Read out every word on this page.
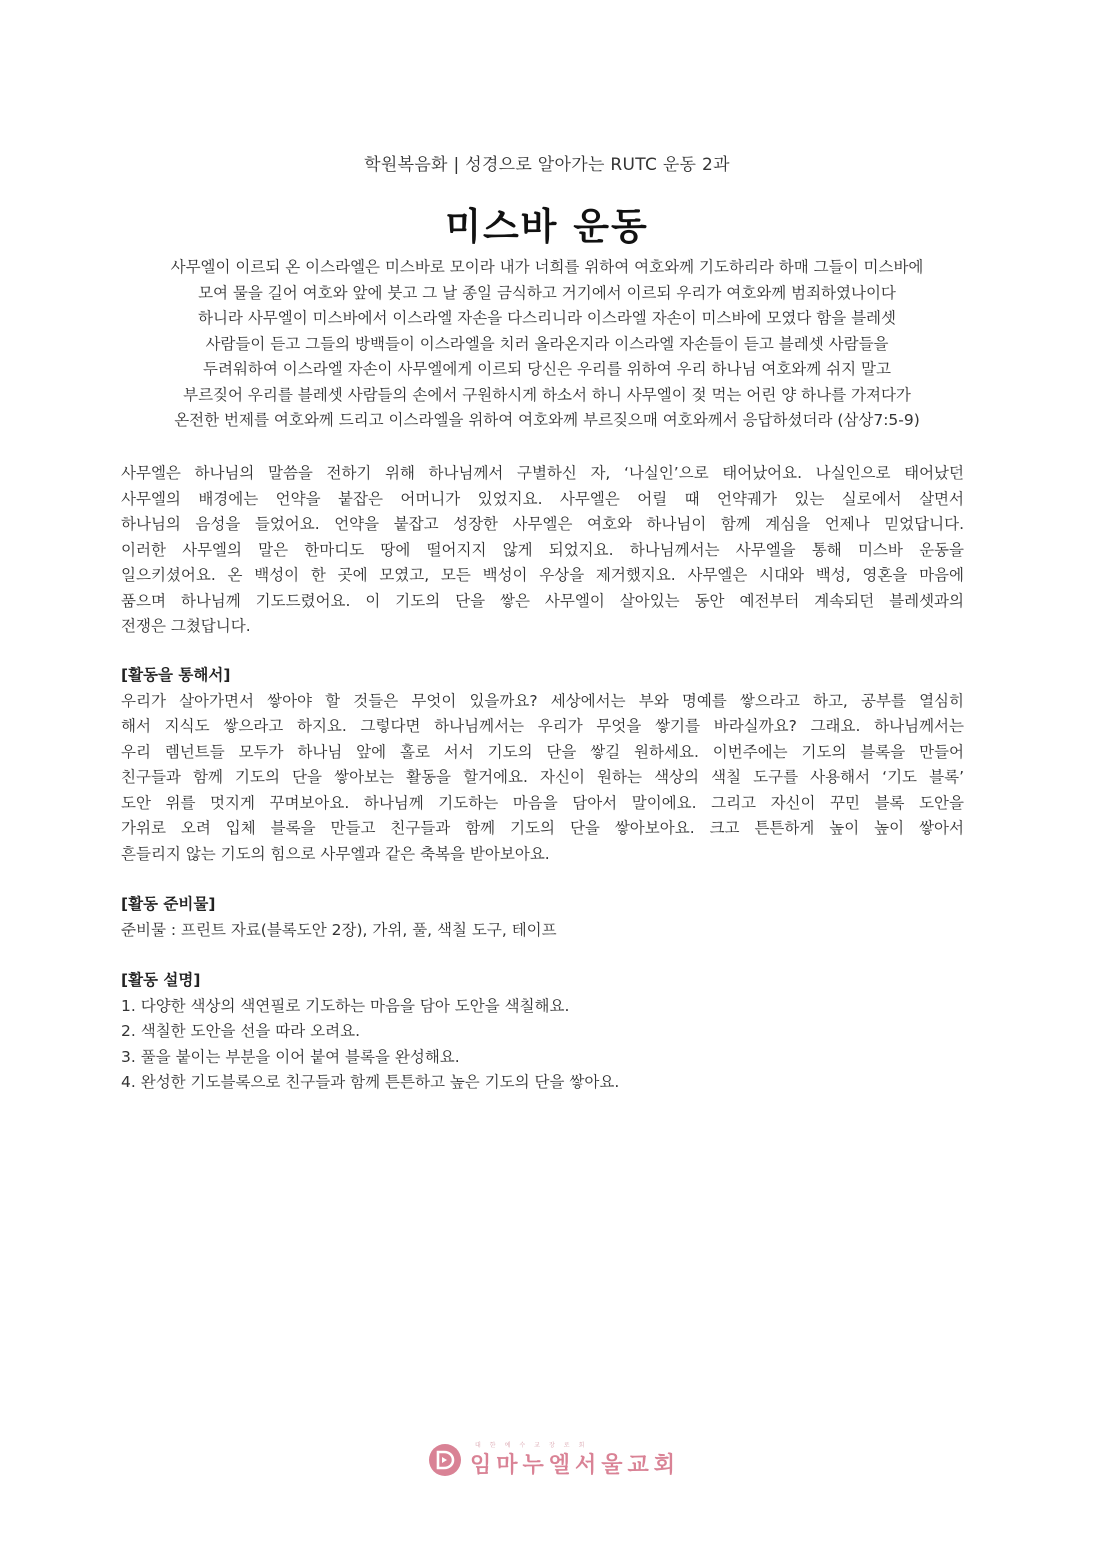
학원복음화 | 성경으로 알아가는 RUTC 운동 2과
미스바 운동
사무엘이 이르되 온 이스라엘은 미스바로 모이라 내가 너희를 위하여 여호와께 기도하리라 하매 그들이 미스바에
모여 물을 길어 여호와 앞에 붓고 그 날 종일 금식하고 거기에서 이르되 우리가 여호와께 범죄하였나이다
하니라 사무엘이 미스바에서 이스라엘 자손을 다스리니라 이스라엘 자손이 미스바에 모였다 함을 블레셋
사람들이 듣고 그들의 방백들이 이스라엘을 치러 올라온지라 이스라엘 자손들이 듣고 블레셋 사람들을
두려워하여 이스라엘 자손이 사무엘에게 이르되 당신은 우리를 위하여 우리 하나님 여호와께 쉬지 말고
부르짖어 우리를 블레셋 사람들의 손에서 구원하시게 하소서 하니 사무엘이 젖 먹는 어린 양 하나를 가져다가
온전한 번제를 여호와께 드리고 이스라엘을 위하여 여호와께 부르짖으매 여호와께서 응답하셨더라 (삼상7:5-9)
사무엘은 하나님의 말씀을 전하기 위해 하나님께서 구별하신 자, ‘나실인’으로 태어났어요. 나실인으로 태어났던
사무엘의 배경에는 언약을 붙잡은 어머니가 있었지요. 사무엘은 어릴 때 언약궤가 있는 실로에서 살면서
하나님의 음성을 들었어요. 언약을 붙잡고 성장한 사무엘은 여호와 하나님이 함께 계심을 언제나 믿었답니다.
이러한 사무엘의 말은 한마디도 땅에 떨어지지 않게 되었지요. 하나님께서는 사무엘을 통해 미스바 운동을
일으키셨어요. 온 백성이 한 곳에 모였고, 모든 백성이 우상을 제거했지요. 사무엘은 시대와 백성, 영혼을 마음에
품으며 하나님께 기도드렸어요. 이 기도의 단을 쌓은 사무엘이 살아있는 동안 예전부터 계속되던 블레셋과의
전쟁은 그쳤답니다.
[활동을 통해서]
우리가 살아가면서 쌓아야 할 것들은 무엇이 있을까요? 세상에서는 부와 명예를 쌓으라고 하고, 공부를 열심히
해서 지식도 쌓으라고 하지요. 그렇다면 하나님께서는 우리가 무엇을 쌓기를 바라실까요? 그래요. 하나님께서는
우리 렘넌트들 모두가 하나님 앞에 홀로 서서 기도의 단을 쌓길 원하세요. 이번주에는 기도의 블록을 만들어
친구들과 함께 기도의 단을 쌓아보는 활동을 할거에요. 자신이 원하는 색상의 색칠 도구를 사용해서 ‘기도 블록’
도안 위를 멋지게 꾸며보아요. 하나님께 기도하는 마음을 담아서 말이에요. 그리고 자신이 꾸민 블록 도안을
가위로 오려 입체 블록을 만들고 친구들과 함께 기도의 단을 쌓아보아요. 크고 튼튼하게 높이 높이 쌓아서
흔들리지 않는 기도의 힘으로 사무엘과 같은 축복을 받아보아요.
[활동 준비물]
준비물 : 프린트 자료(블록도안 2장), 가위, 풀, 색칠 도구, 테이프
[활동 설명]
1. 다양한 색상의 색연필로 기도하는 마음을 담아 도안을 색칠해요.
2. 색칠한 도안을 선을 따라 오려요.
3. 풀을 붙이는 부분을 이어 붙여 블록을 완성해요.
4. 완성한 기도블록으로 친구들과 함께 튼튼하고 높은 기도의 단을 쌓아요.
대한예수교장로회
임마누엘서울교회
